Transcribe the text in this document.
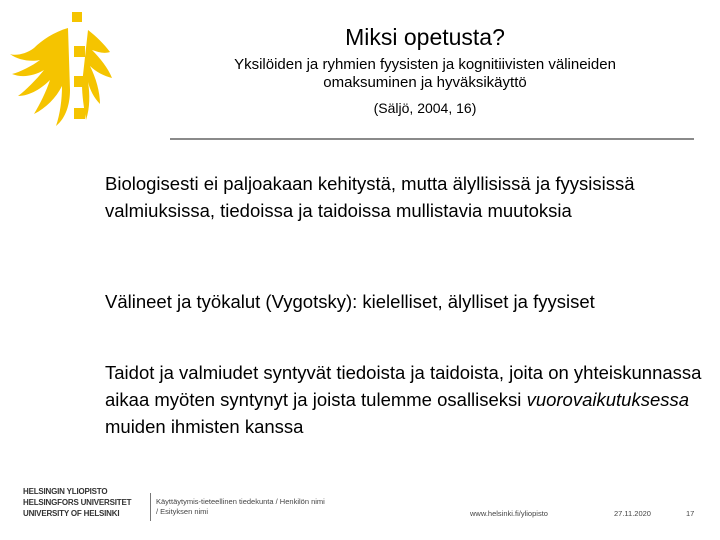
Miksi opetusta?
Yksilöiden ja ryhmien fyysisten ja kognitiivisten välineiden
omaksuminen ja hyväksikäyttö
(Säljö, 2004, 16)
Biologisesti ei paljoakaan kehitystä, mutta älyllisissä ja fyysisissä valmiuksissa, tiedoissa ja taidoissa mullistavia muutoksia
Välineet ja työkalut (Vygotsky): kielelliset, älylliset ja fyysiset
Taidot ja valmiudet syntyvät tiedoista ja taidoista, joita on yhteiskunnassa aikaa myöten syntynyt ja joista tulemme osalliseksi vuorovaikutuksessa muiden ihmisten kanssa
HELSINGIN YLIOPISTO
HELSINGFORS UNIVERSITET
UNIVERSITY OF HELSINKI
Käyttäytymis-tieteellinen tiedekunta / Henkilön nimi
/ Esityksen nimi	www.helsinki.fi/yliopisto	27.11.2020	17
